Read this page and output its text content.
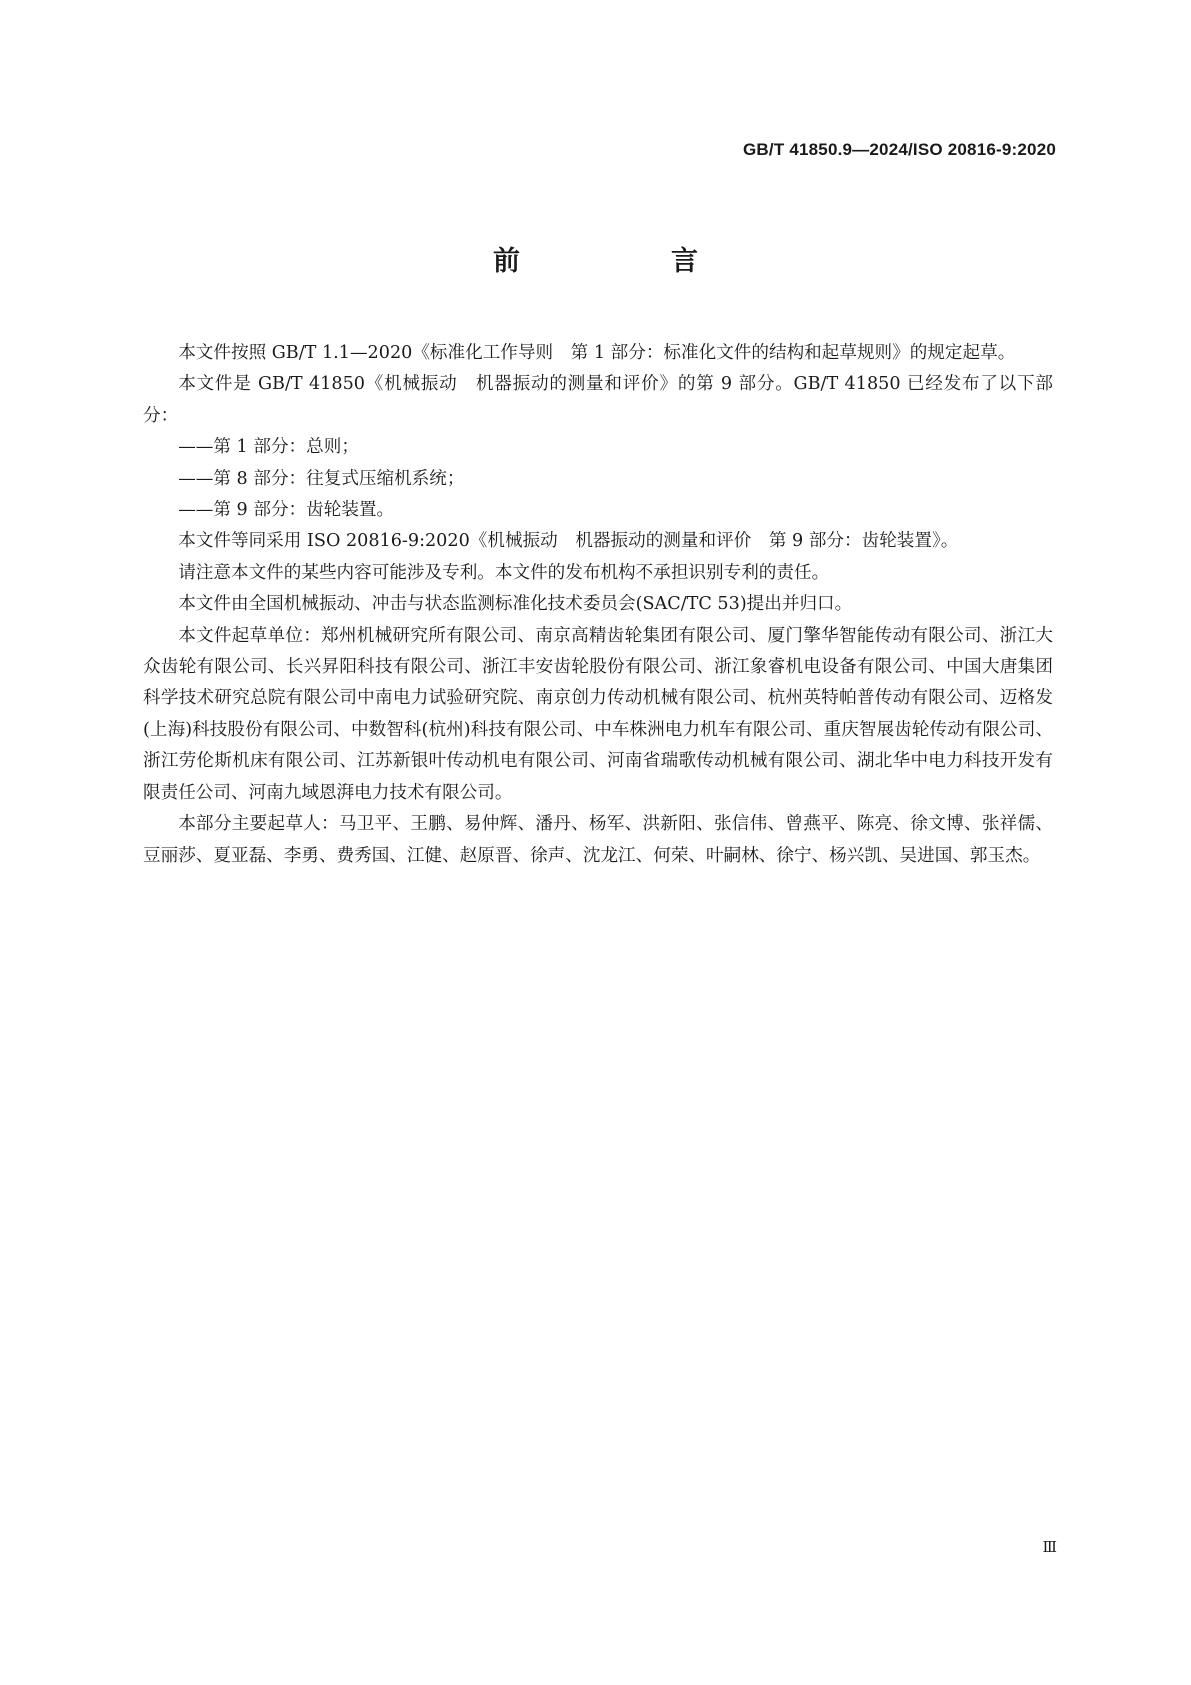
GB/T 41850.9—2024/ISO 20816-9:2020
前　言

本文件按照 GB/T 1.1—2020《标准化工作导则　第 1 部分：标准化文件的结构和起草规则》的规定起草。

本文件是 GB/T 41850《机械振动　机器振动的测量和评价》的第 9 部分。GB/T 41850 已经发布了以下部分：

——第 1 部分：总则；

——第 8 部分：往复式压缩机系统；

——第 9 部分：齿轮装置。

本文件等同采用 ISO 20816-9:2020《机械振动　机器振动的测量和评价　第 9 部分：齿轮装置》。

请注意本文件的某些内容可能涉及专利。本文件的发布机构不承担识别专利的责任。

本文件由全国机械振动、冲击与状态监测标准化技术委员会(SAC/TC 53)提出并归口。

本文件起草单位：郑州机械研究所有限公司、南京高精齿轮集团有限公司、厦门擎华智能传动有限公司、浙江大众齿轮有限公司、长兴昇阳科技有限公司、浙江丰安齿轮股份有限公司、浙江象睿机电设备有限公司、中国大唐集团科学技术研究总院有限公司中南电力试验研究院、南京创力传动机械有限公司、杭州英特帕普传动有限公司、迈格发(上海)科技股份有限公司、中数智科(杭州)科技有限公司、中车株洲电力机车有限公司、重庆智展齿轮传动有限公司、浙江劳伦斯机床有限公司、江苏新银叶传动机电有限公司、河南省瑞歌传动机械有限公司、湖北华中电力科技开发有限责任公司、河南九域恩湃电力技术有限公司。

本部分主要起草人：马卫平、王鹏、易仲辉、潘丹、杨军、洪新阳、张信伟、曾燕平、陈亮、徐文博、张祥儒、豆丽莎、夏亚磊、李勇、费秀国、江健、赵原晋、徐声、沈龙江、何荣、叶嗣林、徐宁、杨兴凯、吴进国、郭玉杰。

Ⅲ
